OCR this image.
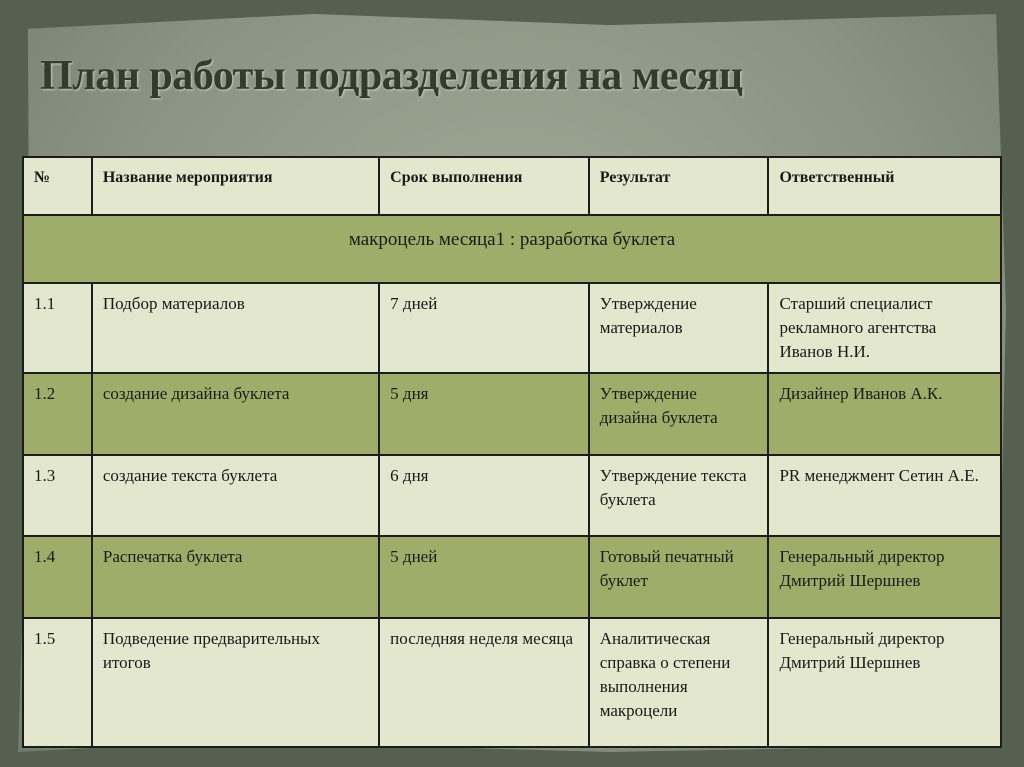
План работы подразделения на месяц
№	Название мероприятия	Срок выполнения	Результат	Ответственный
макроцель месяца1 : разработка буклета				
1.1	Подбор материалов	7 дней	Утверждение материалов	Старший специалист рекламного агентства Иванов Н.И.
1.2	создание дизайна буклета	5 дня	Утверждение дизайна буклета	Дизайнер Иванов А.К.
1.3	создание текста буклета	6 дня	Утверждение текста буклета	PR менеджмент Сетин А.Е.
1.4	Распечатка буклета	5 дней	Готовый печатный буклет	Генеральный директор Дмитрий Шершнев
1.5	Подведение предварительных итогов	последняя неделя месяца	Аналитическая справка о степени выполнения макроцели	Генеральный директор Дмитрий Шершнев
